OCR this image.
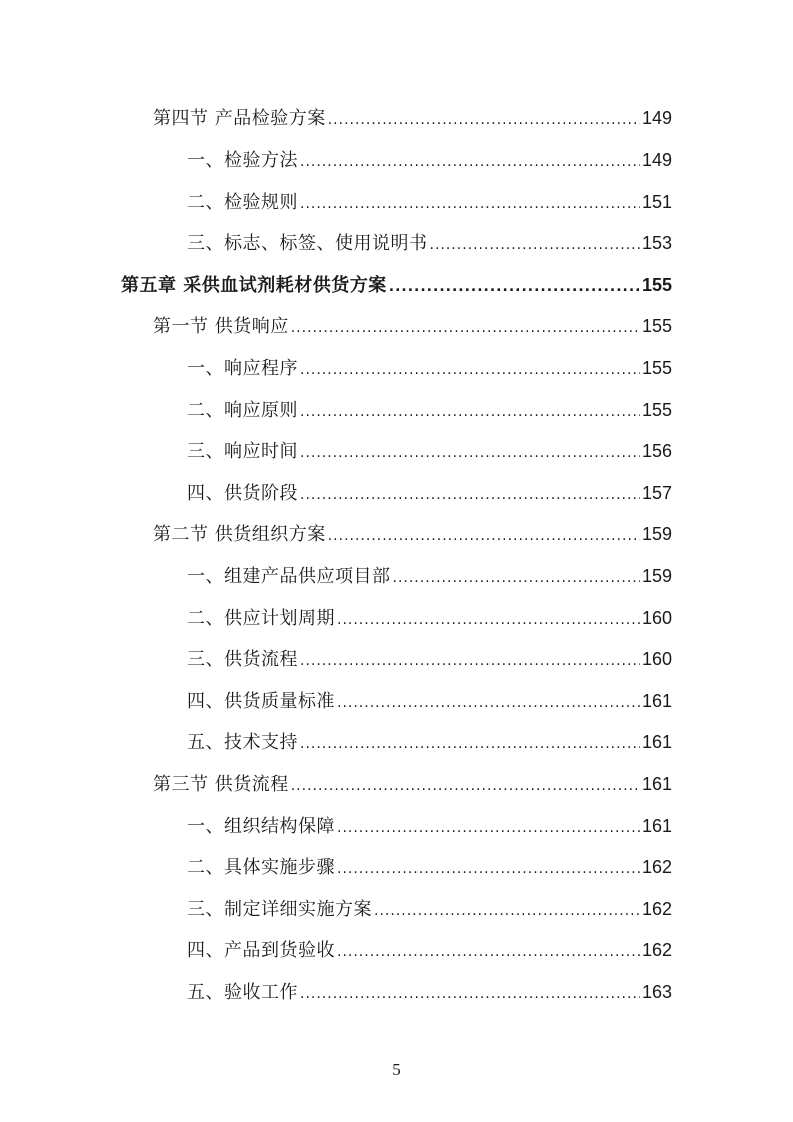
第四节 产品检验方案 .....	149
一、检验方法 .....	149
二、检验规则 .....	151
三、标志、标签、使用说明书 .....	153
第五章 采供血试剂耗材供货方案 .....	155
第一节 供货响应 .....	155
一、响应程序 .....	155
二、响应原则 .....	155
三、响应时间 .....	156
四、供货阶段 .....	157
第二节 供货组织方案 .....	159
一、组建产品供应项目部 .....	159
二、供应计划周期 .....	160
三、供货流程 .....	160
四、供货质量标准 .....	161
五、技术支持 .....	161
第三节 供货流程 .....	161
一、组织结构保障 .....	161
二、具体实施步骤 .....	162
三、制定详细实施方案 .....	162
四、产品到货验收 .....	162
五、验收工作 .....	163
5
